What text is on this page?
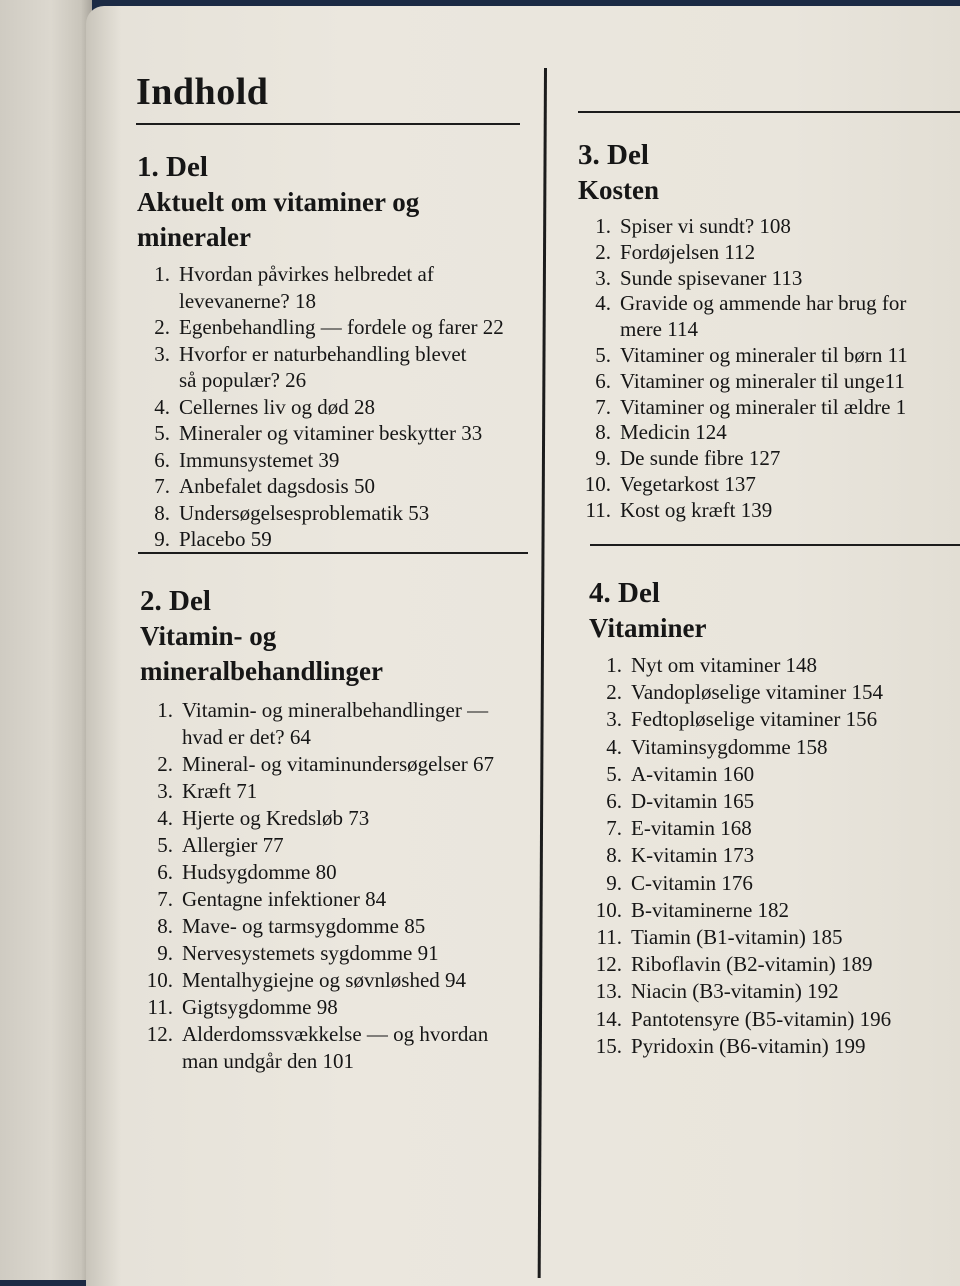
Indhold
1. Del
Aktuelt om vitaminer og
mineraler
1. Hvordan påvirkes helbredet af
levevanerne? 18
2. Egenbehandling — fordele og farer 22
3. Hvorfor er naturbehandling blevet
så populær? 26
4. Cellernes liv og død 28
5. Mineraler og vitaminer beskytter 33
6. Immunsystemet 39
7. Anbefalet dagsdosis 50
8. Undersøgelsesproblematik 53
9. Placebo 59
2. Del
Vitamin- og
mineralbehandlinger
1. Vitamin- og mineralbehandlinger —
hvad er det? 64
2. Mineral- og vitaminundersøgelser 67
3. Kræft 71
4. Hjerte og Kredsløb 73
5. Allergier 77
6. Hudsygdomme 80
7. Gentagne infektioner 84
8. Mave- og tarmsygdomme 85
9. Nervesystemets sygdomme 91
10. Mentalhygiejne og søvnløshed 94
11. Gigtsygdomme 98
12. Alderdomssvækkelse — og hvordan
man undgår den 101
3. Del
Kosten
1. Spiser vi sundt? 108
2. Fordøjelsen 112
3. Sunde spisevaner 113
4. Gravide og ammende har brug for
mere 114
5. Vitaminer og mineraler til børn 11
6. Vitaminer og mineraler til unge11
7. Vitaminer og mineraler til ældre 1
8. Medicin 124
9. De sunde fibre 127
10. Vegetarkost 137
11. Kost og kræft 139
4. Del
Vitaminer
1. Nyt om vitaminer 148
2. Vandopløselige vitaminer 154
3. Fedtopløselige vitaminer 156
4. Vitaminsygdomme 158
5. A-vitamin 160
6. D-vitamin 165
7. E-vitamin 168
8. K-vitamin 173
9. C-vitamin 176
10. B-vitaminerne 182
11. Tiamin (B1-vitamin) 185
12. Riboflavin (B2-vitamin) 189
13. Niacin (B3-vitamin) 192
14. Pantotensyre (B5-vitamin) 196
15. Pyridoxin (B6-vitamin) 199
